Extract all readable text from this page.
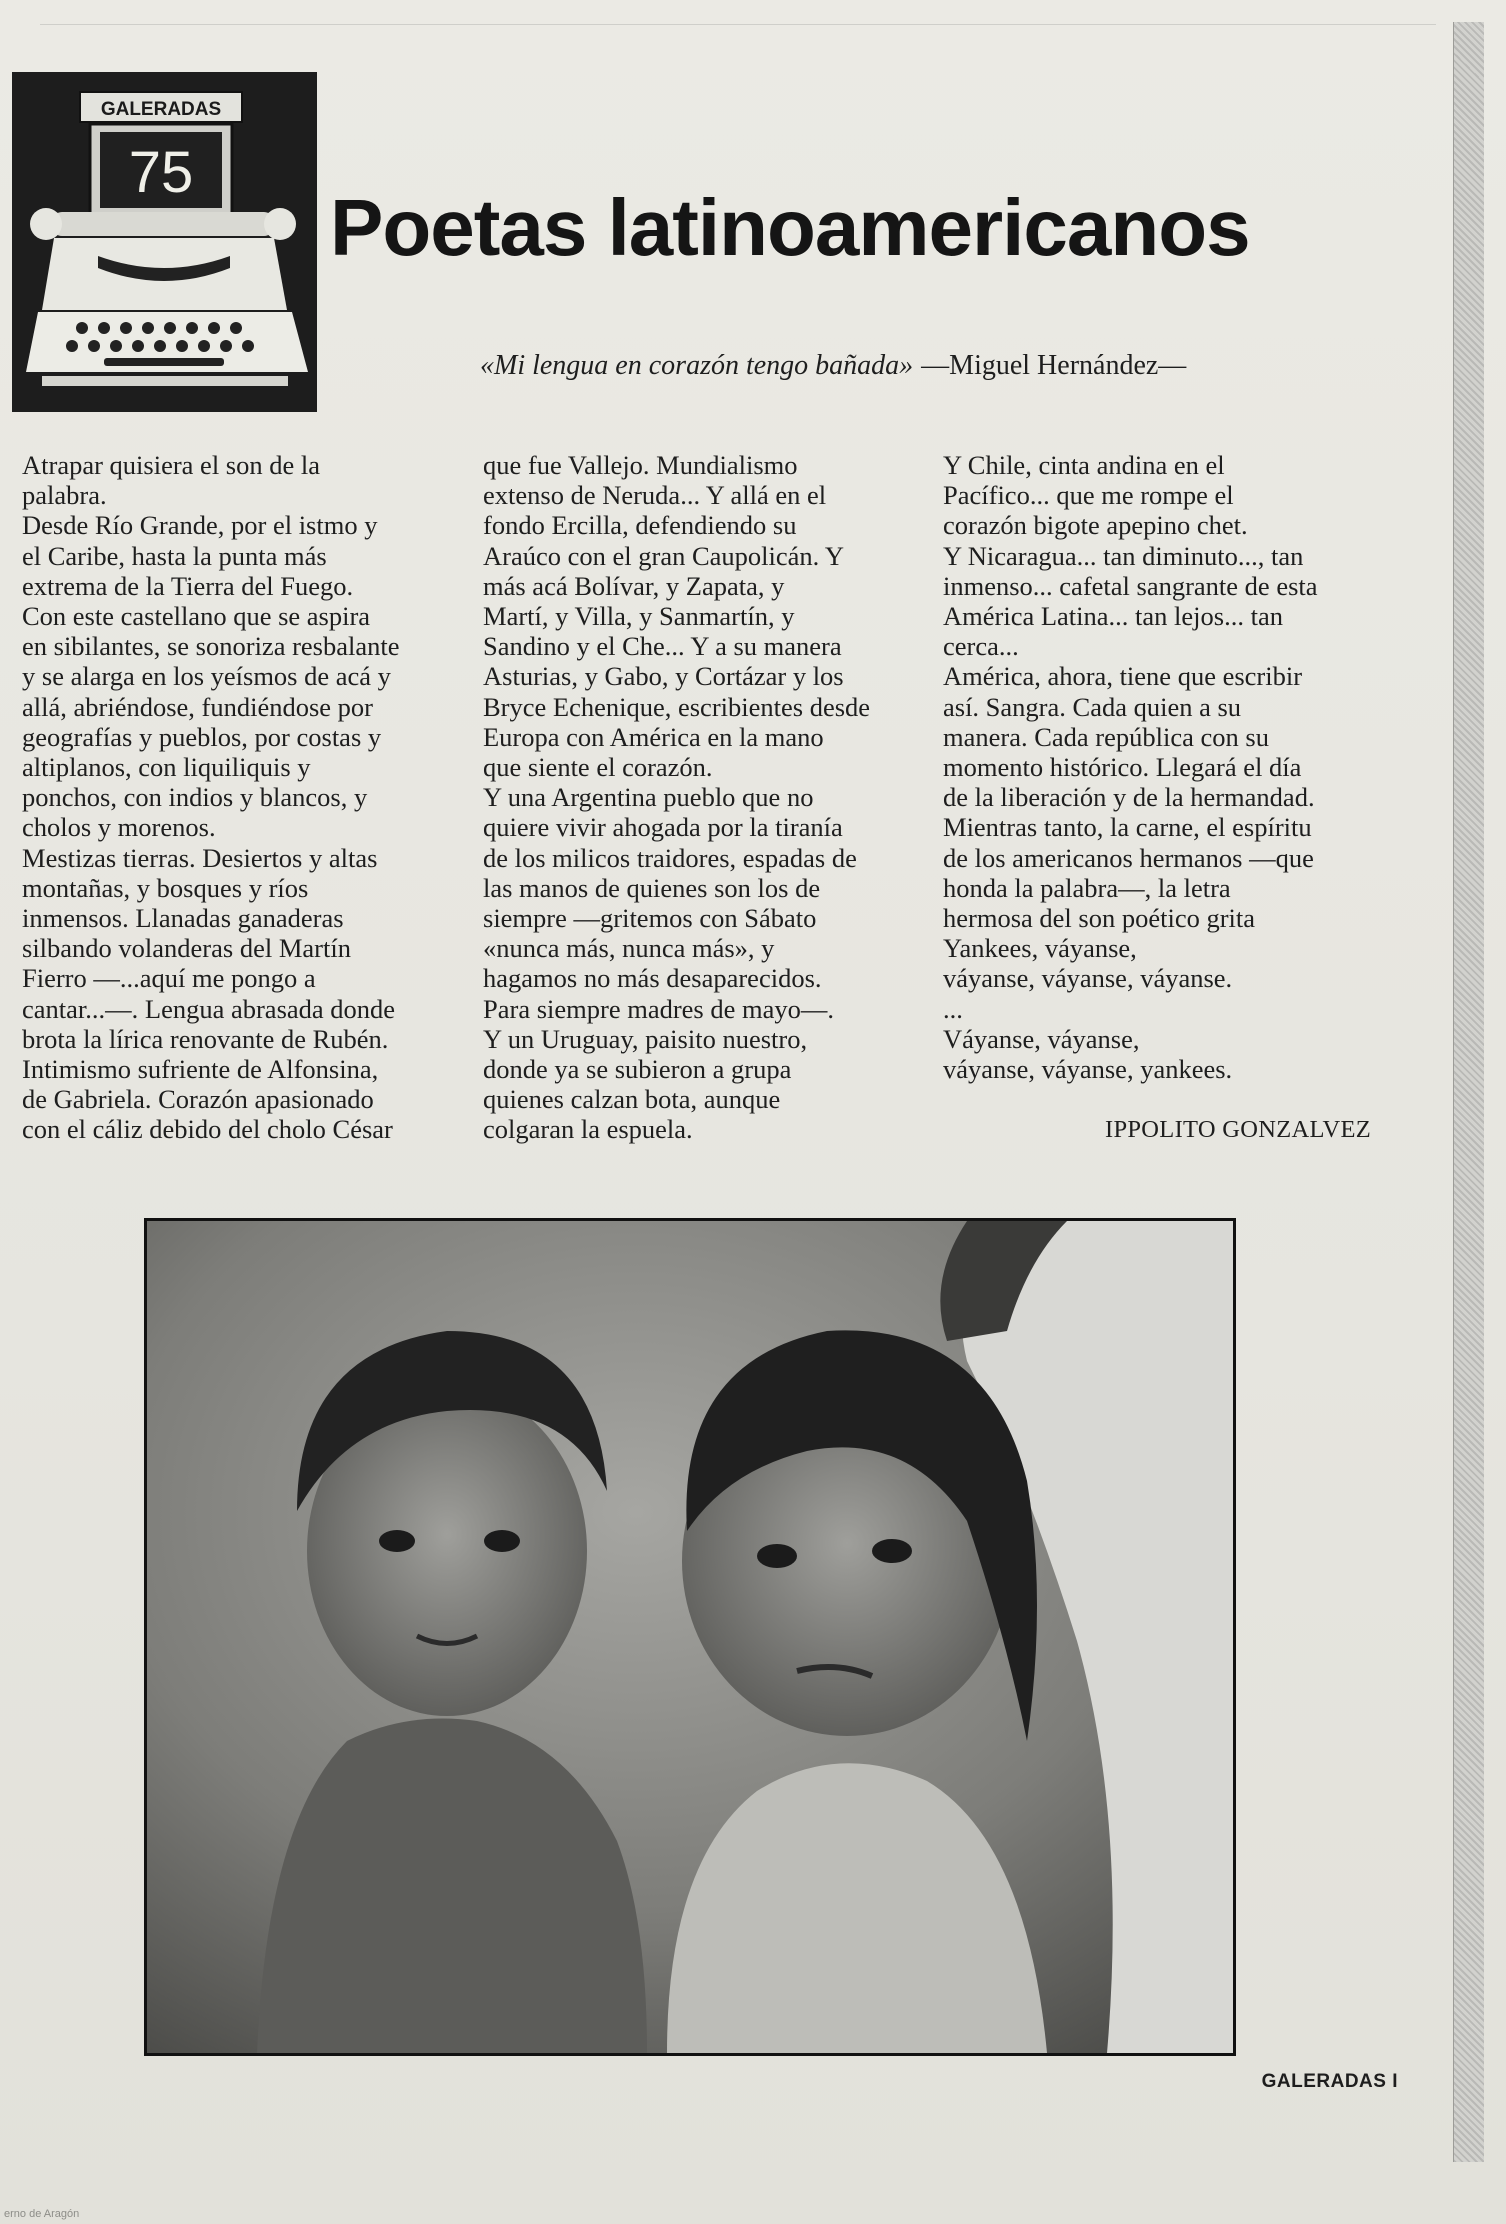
GALERADAS
75
Poetas latinoamericanos
«Mi lengua en corazón tengo bañada» —Miguel Hernández—

Atrapar quisiera el son de la

palabra.

Desde Río Grande, por el istmo y

el Caribe, hasta la punta más

extrema de la Tierra del Fuego.

Con este castellano que se aspira

en sibilantes, se sonoriza resbalante

y se alarga en los yeísmos de acá y

allá, abriéndose, fundiéndose por

geografías y pueblos, por costas y

altiplanos, con liquiliquis y

ponchos, con indios y blancos, y

cholos y morenos.

Mestizas tierras. Desiertos y altas

montañas, y bosques y ríos

inmensos. Llanadas ganaderas

silbando volanderas del Martín

Fierro —...aquí me pongo a

cantar...—. Lengua abrasada donde

brota la lírica renovante de Rubén.

Intimismo sufriente de Alfonsina,

de Gabriela. Corazón apasionado

con el cáliz debido del cholo César

que fue Vallejo. Mundialismo

extenso de Neruda... Y allá en el

fondo Ercilla, defendiendo su

Araúco con el gran Caupolicán. Y

más acá Bolívar, y Zapata, y

Martí, y Villa, y Sanmartín, y

Sandino y el Che... Y a su manera

Asturias, y Gabo, y Cortázar y los

Bryce Echenique, escribientes desde

Europa con América en la mano

que siente el corazón.

Y una Argentina pueblo que no

quiere vivir ahogada por la tiranía

de los milicos traidores, espadas de

las manos de quienes son los de

siempre —gritemos con Sábato

«nunca más, nunca más», y

hagamos no más desaparecidos.

Para siempre madres de mayo—.

Y un Uruguay, paisito nuestro,

donde ya se subieron a grupa

quienes calzan bota, aunque

colgaran la espuela.

Y Chile, cinta andina en el

Pacífico... que me rompe el

corazón bigote apepino chet.

Y Nicaragua... tan diminuto..., tan

inmenso... cafetal sangrante de esta

América Latina... tan lejos... tan

cerca...

América, ahora, tiene que escribir

así. Sangra. Cada quien a su

manera. Cada república con su

momento histórico. Llegará el día

de la liberación y de la hermandad.

Mientras tanto, la carne, el espíritu

de los americanos hermanos —que

honda la palabra—, la letra

hermosa del son poético grita

Yankees, váyanse,

váyanse, váyanse, váyanse.

...

Váyanse, váyanse,

váyanse, váyanse, yankees.

IPPOLITO GONZALVEZ
GALERADAS I
erno de Aragón
